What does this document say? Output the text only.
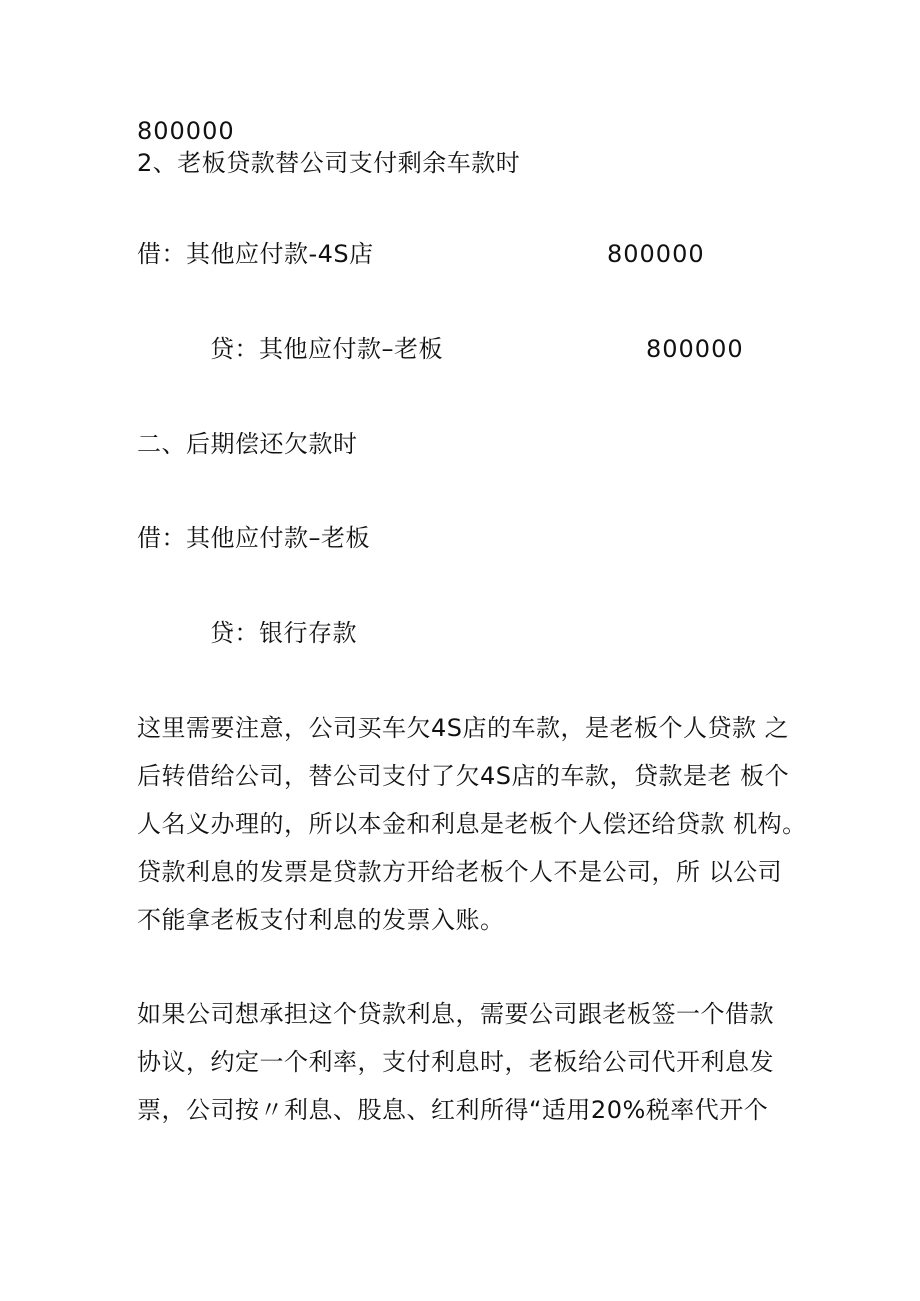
800000
2、老板贷款替公司支付剩余车款时
借：其他应付款-4S店	800000
贷：其他应付款–老板	800000
二、后期偿还欠款时
借：其他应付款–老板
贷：银行存款
这里需要注意，公司买车欠4S店的车款，是老板个人贷款 之
后转借给公司，替公司支付了欠4S店的车款，贷款是老 板个
人名义办理的，所以本金和利息是老板个人偿还给贷款 机构。
贷款利息的发票是贷款方开给老板个人不是公司，所 以公司
不能拿老板支付利息的发票入账。
如果公司想承担这个贷款利息，需要公司跟老板签一个借款
协议，约定一个利率，支付利息时，老板给公司代开利息发
票，公司按〃利息、股息、红利所得“适用20%税率代开个
